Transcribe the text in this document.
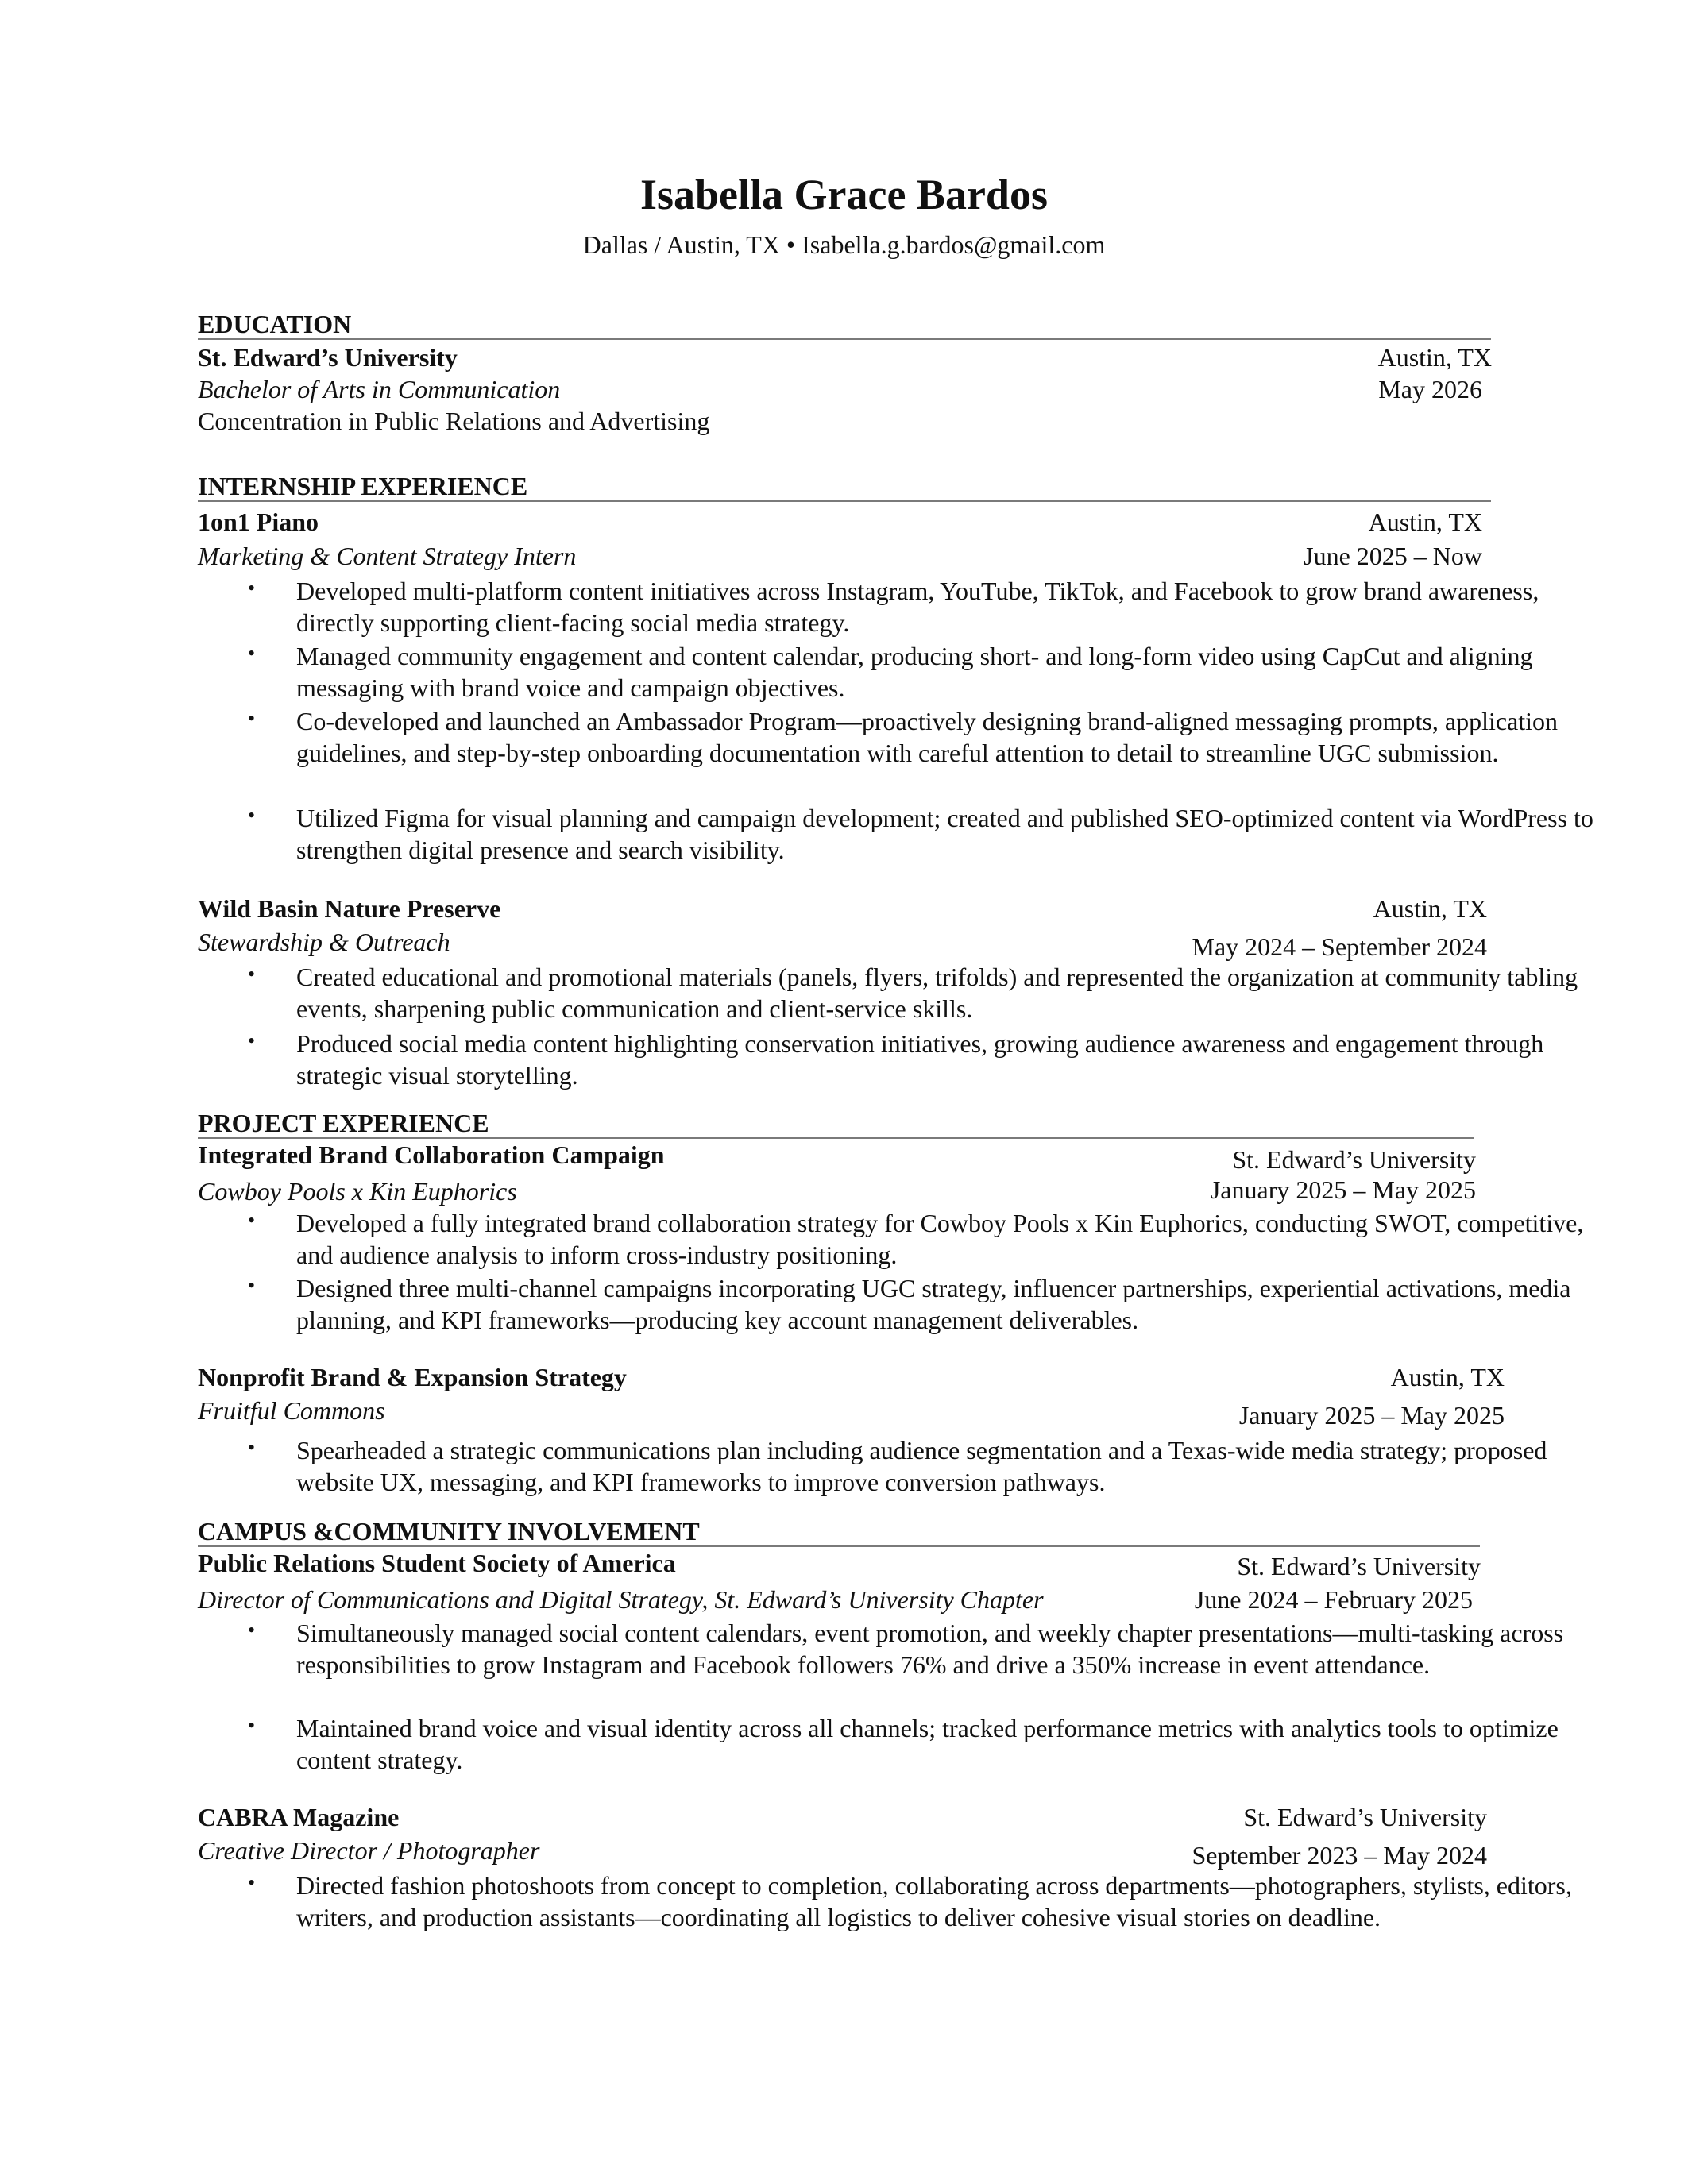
Isabella Grace Bardos
Dallas / Austin, TX • Isabella.g.bardos@gmail.com
EDUCATION
St. Edward’s University	Austin, TX
Bachelor of Arts in Communication	May 2026
Concentration in Public Relations and Advertising
INTERNSHIP EXPERIENCE
1on1 Piano	Austin, TX
Marketing & Content Strategy Intern	June 2025 – Now
• Developed multi-platform content initiatives across Instagram, YouTube, TikTok, and Facebook to grow brand awareness, directly supporting client-facing social media strategy.
• Managed community engagement and content calendar, producing short- and long-form video using CapCut and aligning messaging with brand voice and campaign objectives.
• Co-developed and launched an Ambassador Program—proactively designing brand-aligned messaging prompts, application guidelines, and step-by-step onboarding documentation with careful attention to detail to streamline UGC submission.
• Utilized Figma for visual planning and campaign development; created and published SEO-optimized content via WordPress to strengthen digital presence and search visibility.
Wild Basin Nature Preserve	Austin, TX
Stewardship & Outreach	May 2024 – September 2024
• Created educational and promotional materials (panels, flyers, trifolds) and represented the organization at community tabling events, sharpening public communication and client-service skills.
• Produced social media content highlighting conservation initiatives, growing audience awareness and engagement through strategic visual storytelling.
PROJECT EXPERIENCE
Integrated Brand Collaboration Campaign	St. Edward’s University
Cowboy Pools x Kin Euphorics	January 2025 – May 2025
• Developed a fully integrated brand collaboration strategy for Cowboy Pools x Kin Euphorics, conducting SWOT, competitive, and audience analysis to inform cross-industry positioning.
• Designed three multi-channel campaigns incorporating UGC strategy, influencer partnerships, experiential activations, media planning, and KPI frameworks—producing key account management deliverables.
Nonprofit Brand & Expansion Strategy	Austin, TX
Fruitful Commons	January 2025 – May 2025
• Spearheaded a strategic communications plan including audience segmentation and a Texas-wide media strategy; proposed website UX, messaging, and KPI frameworks to improve conversion pathways.
CAMPUS &COMMUNITY INVOLVEMENT
Public Relations Student Society of America	St. Edward’s University
Director of Communications and Digital Strategy, St. Edward’s University Chapter	June 2024 – February 2025
• Simultaneously managed social content calendars, event promotion, and weekly chapter presentations—multi-tasking across responsibilities to grow Instagram and Facebook followers 76% and drive a 350% increase in event attendance.
• Maintained brand voice and visual identity across all channels; tracked performance metrics with analytics tools to optimize content strategy.
CABRA Magazine	St. Edward’s University
Creative Director / Photographer	September 2023 – May 2024
• Directed fashion photoshoots from concept to completion, collaborating across departments—photographers, stylists, editors, writers, and production assistants—coordinating all logistics to deliver cohesive visual stories on deadline.
